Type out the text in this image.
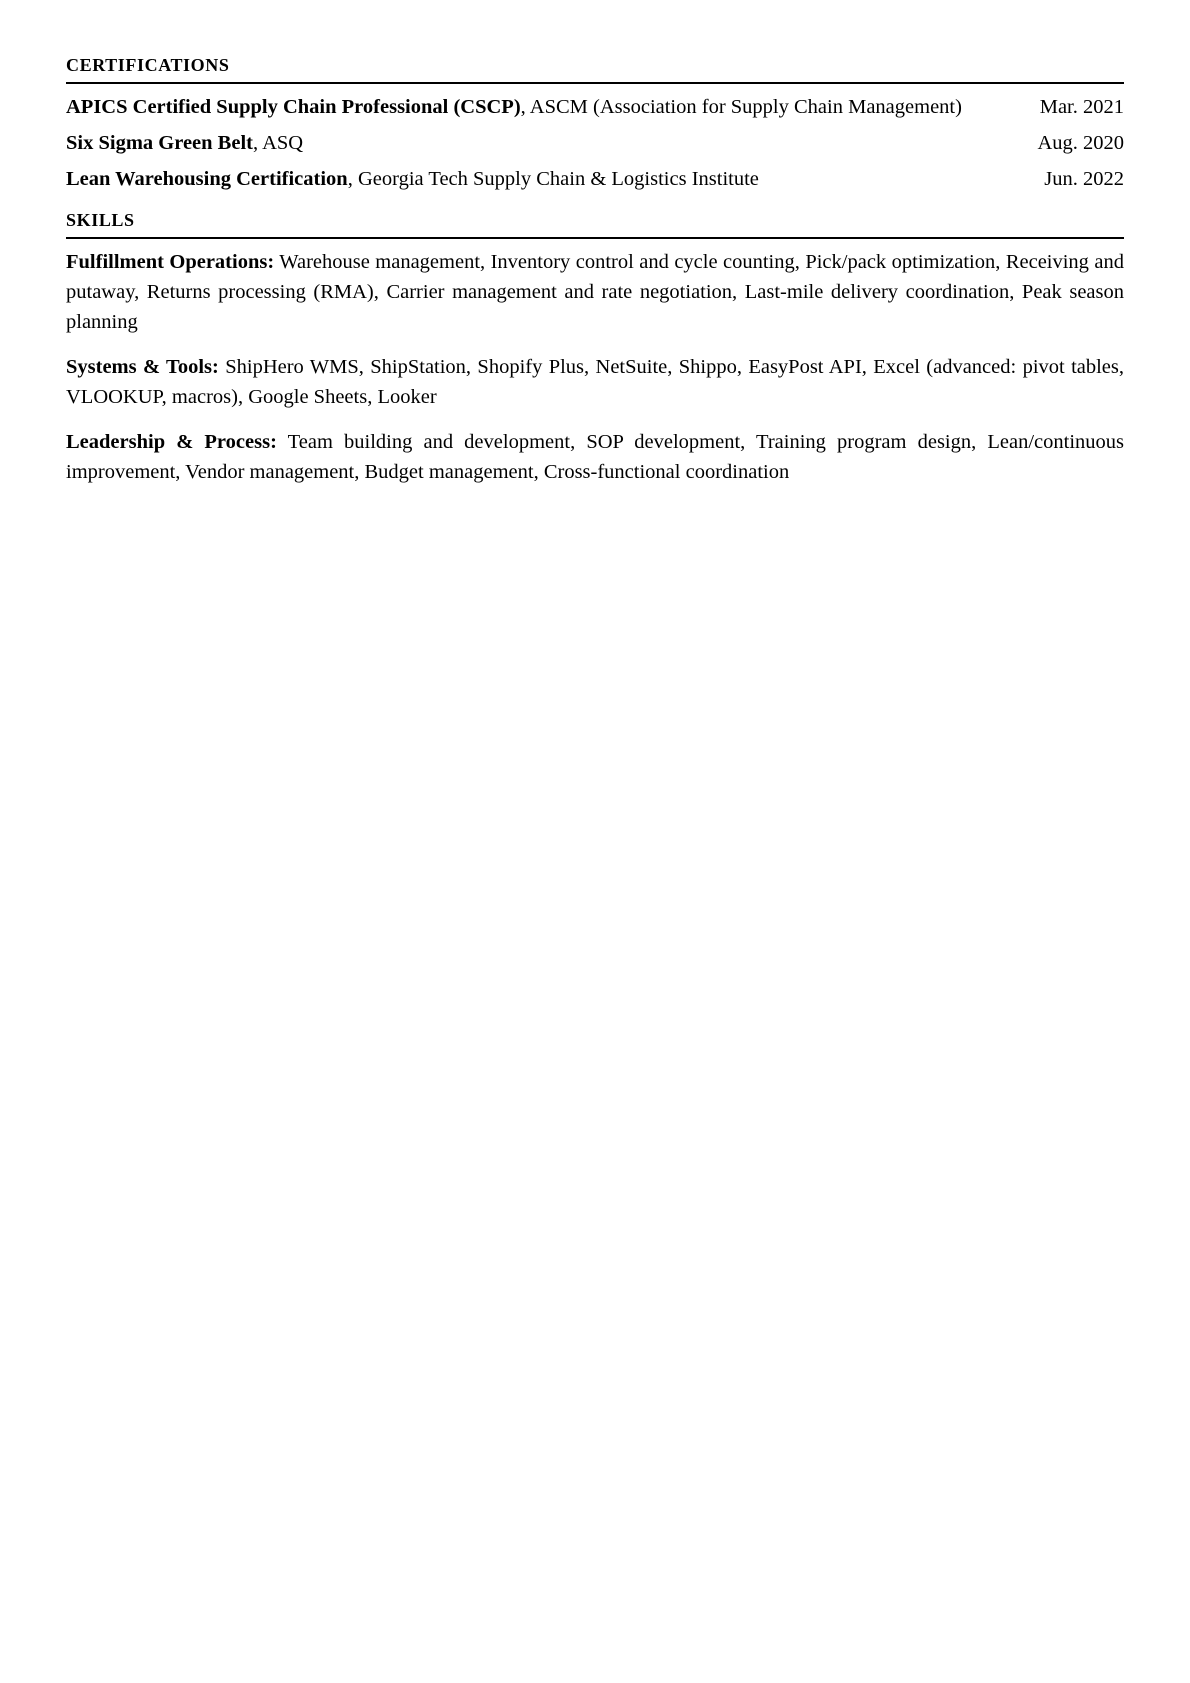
certifications

APICS Certified Supply Chain Professional (CSCP), ASCM (Association for Supply Chain Management)	Mar. 2021

Aug. 2020
Six Sigma Green Belt, ASQ

Jun. 2022
Lean Warehousing Certification, Georgia Tech Supply Chain & Logistics Institute

skills

Fulfillment Operations: Warehouse management, Inventory control and cycle counting, Pick/pack optimization, Receiving and putaway, Returns processing (RMA), Carrier management and rate negotiation, Last-mile delivery coordination, Peak season planning

Systems & Tools: ShipHero WMS, ShipStation, Shopify Plus, NetSuite, Shippo, EasyPost API, Excel (advanced: pivot tables, VLOOKUP, macros), Google Sheets, Looker

Leadership & Process: Team building and development, SOP development, Training program design, Lean/continuous improvement, Vendor management, Budget management, Cross-functional coordination
